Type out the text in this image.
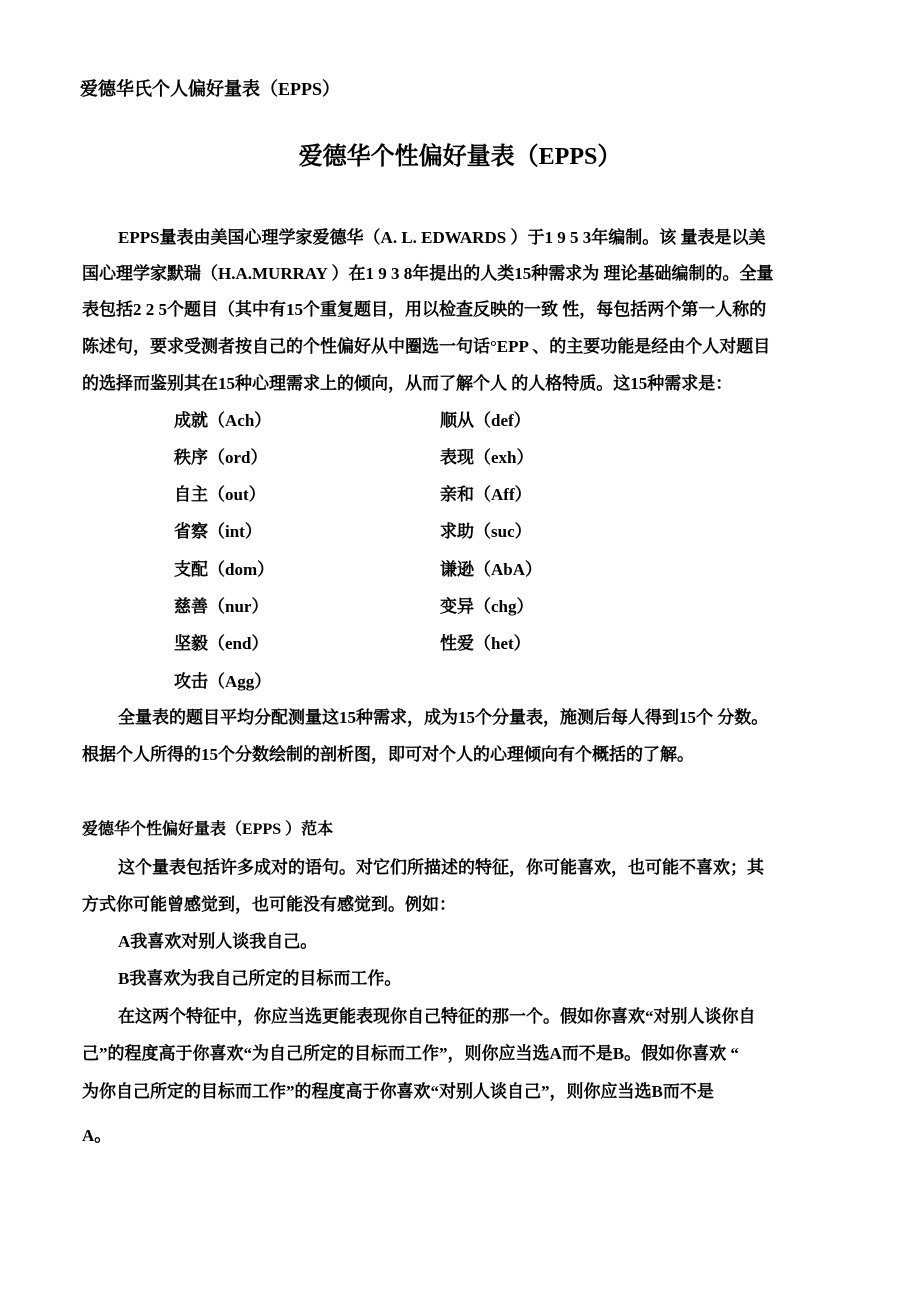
爱德华氏个人偏好量表（EPPS）
爱德华个性偏好量表（EPPS）
EPPS量表由美国心理学家爱德华（A. L. EDWARDS ）于1 9 5 3年编制。该 量表是以美
国心理学家默瑞（H.A.MURRAY ）在1 9 3 8年提出的人类15种需求为 理论基础编制的。全量
表包括2 2 5个题目（其中有15个重复题目，用以检查反映的一致 性，每包括两个第一人称的
陈述句，要求受测者按自己的个性偏好从中圈选一句话°EPP 、的主要功能是经由个人对题目
的选择而鉴别其在15种心理需求上的倾向，从而了解个人 的人格特质。这15种需求是：
成就（Ach）
秩序（ord）
自主（out）
省察（int）
支配（dom）
慈善（nur）
坚毅（end）
攻击（Agg）
顺从（def）
表现（exh）
亲和（Aff）
求助（suc）
谦逊（AbA）
变异（chg）
性爱（het）
全量表的题目平均分配测量这15种需求，成为15个分量表，施测后每人得到15个 分数。
根据个人所得的15个分数绘制的剖析图，即可对个人的心理倾向有个概括的了解。
爱德华个性偏好量表（EPPS ）范本
这个量表包括许多成对的语句。对它们所描述的特征，你可能喜欢，也可能不喜欢；其
方式你可能曾感觉到，也可能没有感觉到。例如：
A我喜欢对别人谈我自己。
B我喜欢为我自己所定的目标而工作。
在这两个特征中，你应当选更能表现你自己特征的那一个。假如你喜欢“对别人谈你自
己”的程度高于你喜欢“为自己所定的目标而工作”，则你应当选A而不是B。假如你喜欢 “
为你自己所定的目标而工作”的程度高于你喜欢“对别人谈自己”，则你应当选B而不是
A。
